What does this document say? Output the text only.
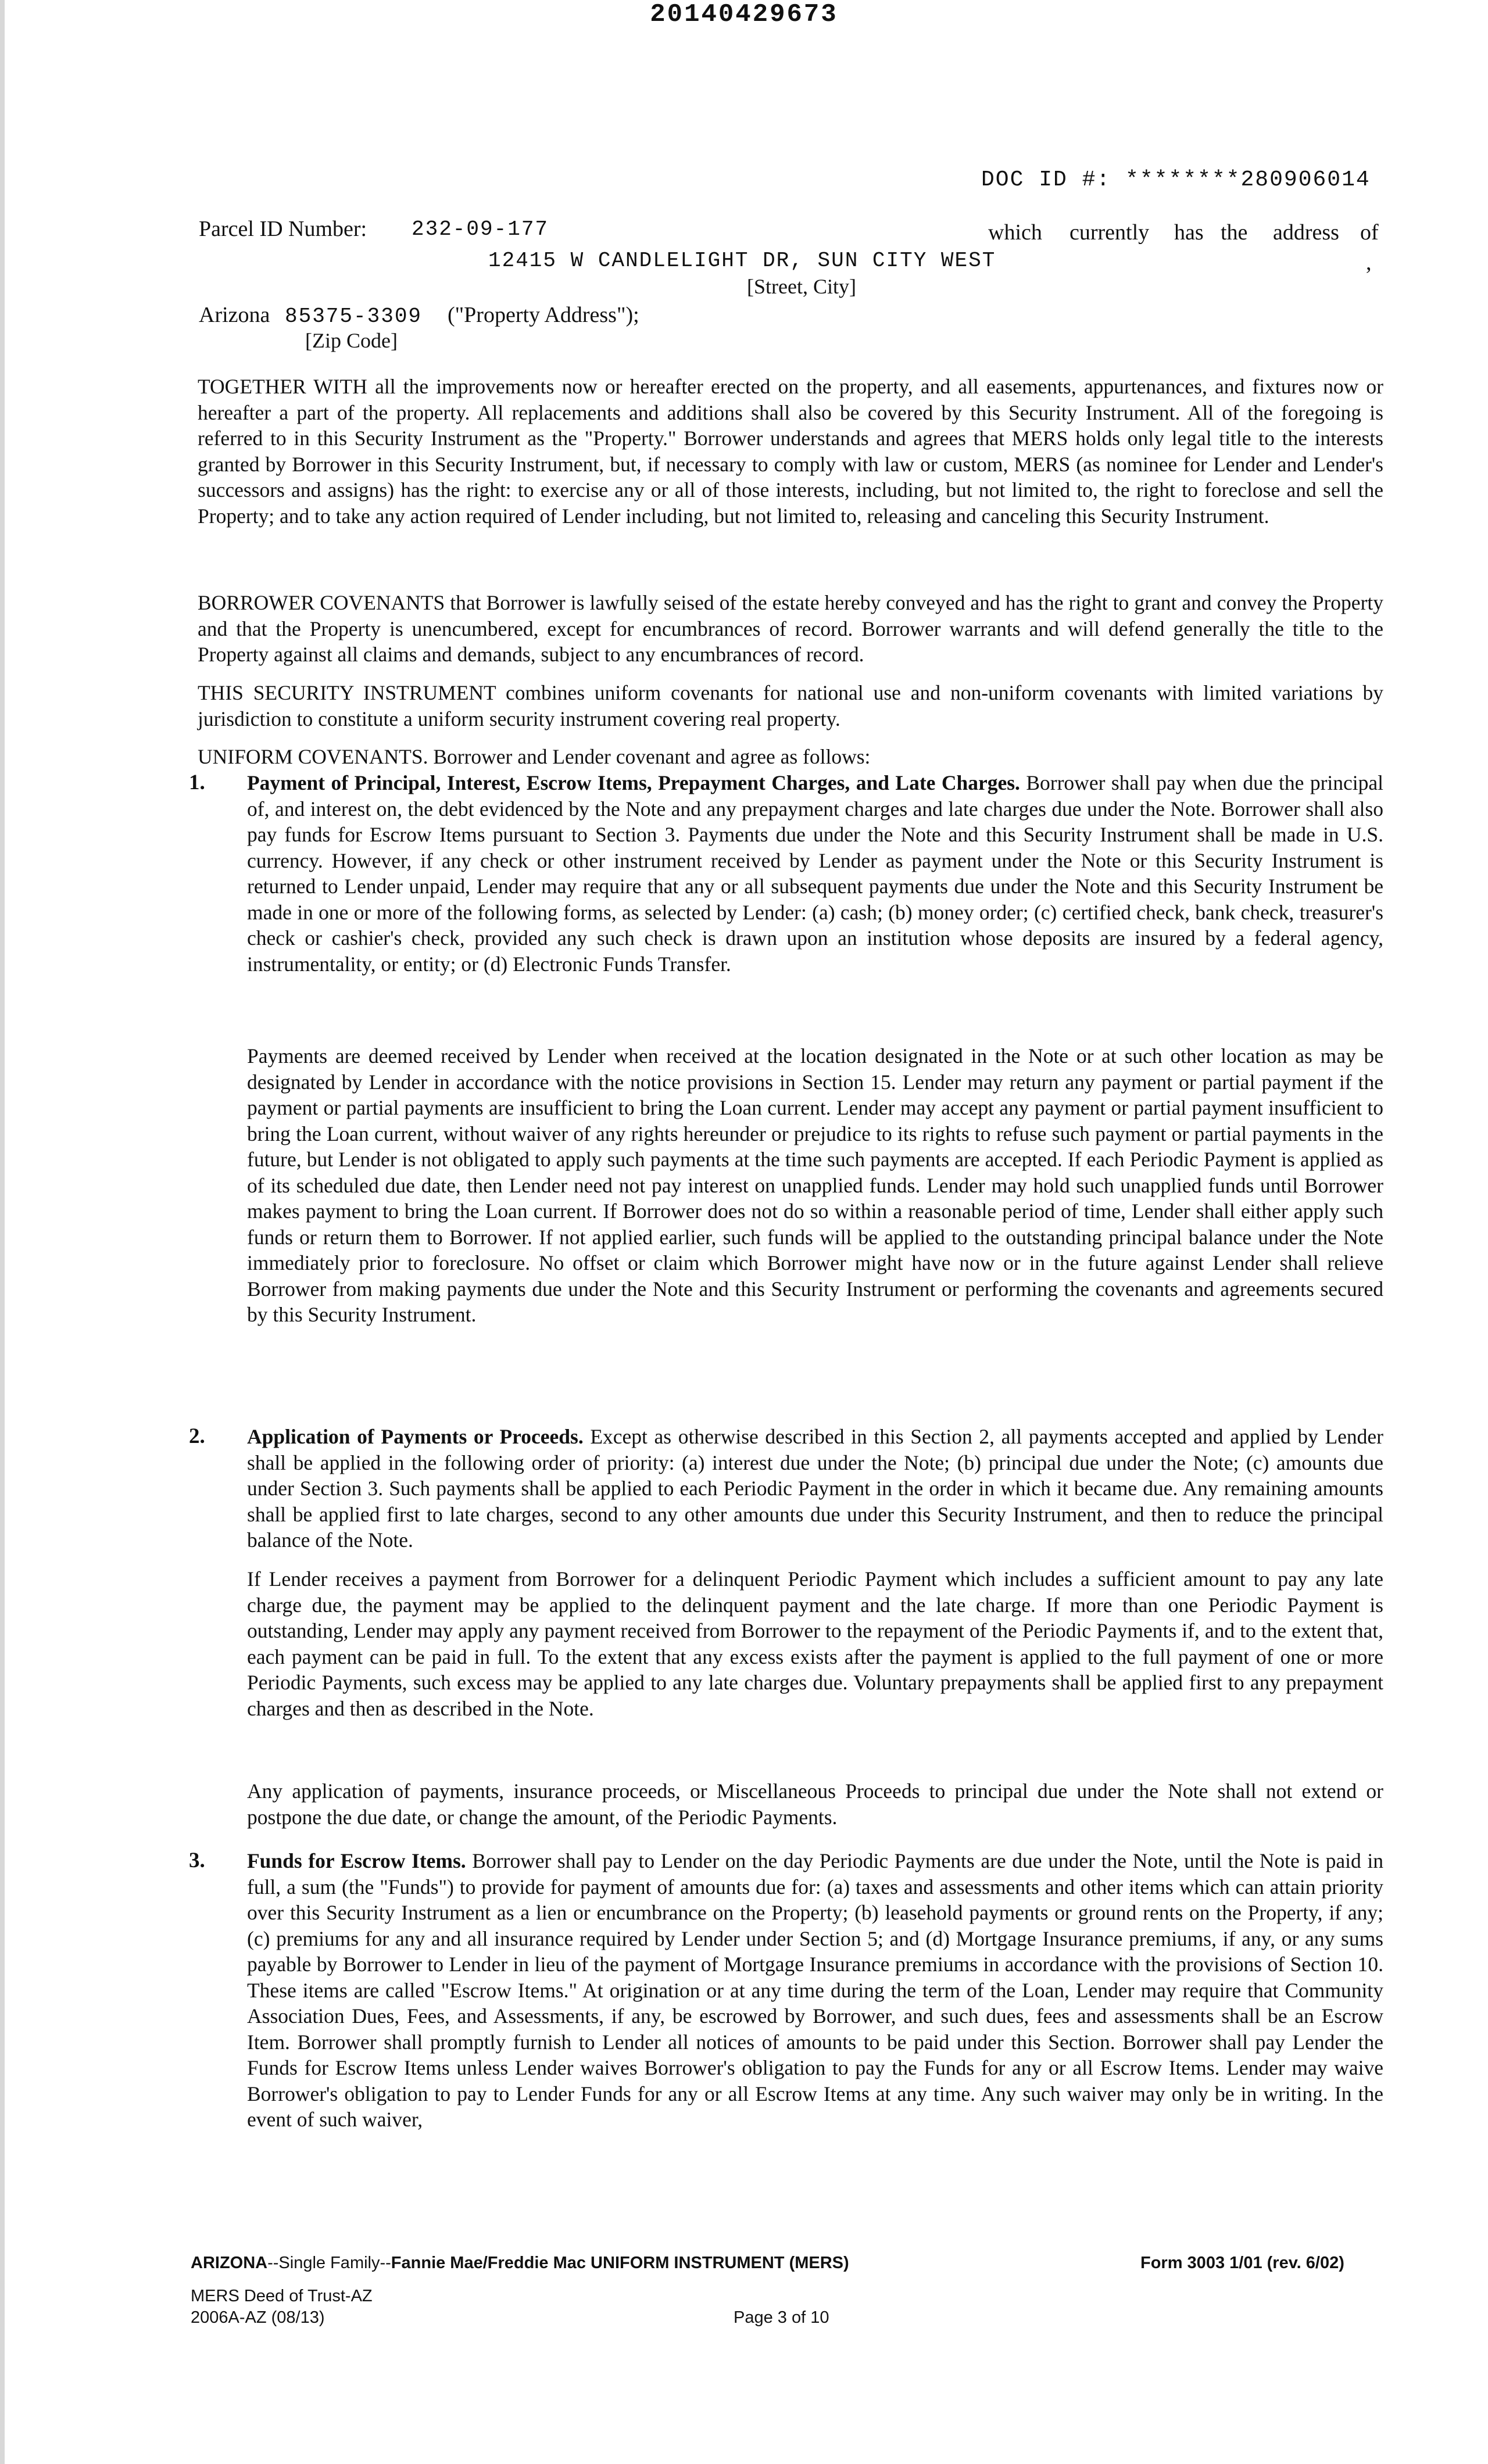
20140429673
DOC ID #: ********280906014
Parcel ID Number: 232-09-177	which currently has the address of
12415 W CANDLELIGHT DR, SUN CITY WEST	,
[Street, City]
Arizona 85375-3309 ("Property Address");
[Zip Code]
TOGETHER WITH all the improvements now or hereafter erected on the property, and all easements, appurtenances, and fixtures now or hereafter a part of the property. All replacements and additions shall also be covered by this Security Instrument. All of the foregoing is referred to in this Security Instrument as the "Property." Borrower understands and agrees that MERS holds only legal title to the interests granted by Borrower in this Security Instrument, but, if necessary to comply with law or custom, MERS (as nominee for Lender and Lender's successors and assigns) has the right: to exercise any or all of those interests, including, but not limited to, the right to foreclose and sell the Property; and to take any action required of Lender including, but not limited to, releasing and canceling this Security Instrument.
BORROWER COVENANTS that Borrower is lawfully seised of the estate hereby conveyed and has the right to grant and convey the Property and that the Property is unencumbered, except for encumbrances of record. Borrower warrants and will defend generally the title to the Property against all claims and demands, subject to any encumbrances of record.
THIS SECURITY INSTRUMENT combines uniform covenants for national use and non-uniform covenants with limited variations by jurisdiction to constitute a uniform security instrument covering real property.
UNIFORM COVENANTS. Borrower and Lender covenant and agree as follows:
1. Payment of Principal, Interest, Escrow Items, Prepayment Charges, and Late Charges. Borrower shall pay when due the principal of, and interest on, the debt evidenced by the Note and any prepayment charges and late charges due under the Note. Borrower shall also pay funds for Escrow Items pursuant to Section 3. Payments due under the Note and this Security Instrument shall be made in U.S. currency. However, if any check or other instrument received by Lender as payment under the Note or this Security Instrument is returned to Lender unpaid, Lender may require that any or all subsequent payments due under the Note and this Security Instrument be made in one or more of the following forms, as selected by Lender: (a) cash; (b) money order; (c) certified check, bank check, treasurer's check or cashier's check, provided any such check is drawn upon an institution whose deposits are insured by a federal agency, instrumentality, or entity; or (d) Electronic Funds Transfer.
Payments are deemed received by Lender when received at the location designated in the Note or at such other location as may be designated by Lender in accordance with the notice provisions in Section 15. Lender may return any payment or partial payment if the payment or partial payments are insufficient to bring the Loan current. Lender may accept any payment or partial payment insufficient to bring the Loan current, without waiver of any rights hereunder or prejudice to its rights to refuse such payment or partial payments in the future, but Lender is not obligated to apply such payments at the time such payments are accepted. If each Periodic Payment is applied as of its scheduled due date, then Lender need not pay interest on unapplied funds. Lender may hold such unapplied funds until Borrower makes payment to bring the Loan current. If Borrower does not do so within a reasonable period of time, Lender shall either apply such funds or return them to Borrower. If not applied earlier, such funds will be applied to the outstanding principal balance under the Note immediately prior to foreclosure. No offset or claim which Borrower might have now or in the future against Lender shall relieve Borrower from making payments due under the Note and this Security Instrument or performing the covenants and agreements secured by this Security Instrument.
2. Application of Payments or Proceeds. Except as otherwise described in this Section 2, all payments accepted and applied by Lender shall be applied in the following order of priority: (a) interest due under the Note; (b) principal due under the Note; (c) amounts due under Section 3. Such payments shall be applied to each Periodic Payment in the order in which it became due. Any remaining amounts shall be applied first to late charges, second to any other amounts due under this Security Instrument, and then to reduce the principal balance of the Note.
If Lender receives a payment from Borrower for a delinquent Periodic Payment which includes a sufficient amount to pay any late charge due, the payment may be applied to the delinquent payment and the late charge. If more than one Periodic Payment is outstanding, Lender may apply any payment received from Borrower to the repayment of the Periodic Payments if, and to the extent that, each payment can be paid in full. To the extent that any excess exists after the payment is applied to the full payment of one or more Periodic Payments, such excess may be applied to any late charges due. Voluntary prepayments shall be applied first to any prepayment charges and then as described in the Note.
Any application of payments, insurance proceeds, or Miscellaneous Proceeds to principal due under the Note shall not extend or postpone the due date, or change the amount, of the Periodic Payments.
3. Funds for Escrow Items. Borrower shall pay to Lender on the day Periodic Payments are due under the Note, until the Note is paid in full, a sum (the "Funds") to provide for payment of amounts due for: (a) taxes and assessments and other items which can attain priority over this Security Instrument as a lien or encumbrance on the Property; (b) leasehold payments or ground rents on the Property, if any; (c) premiums for any and all insurance required by Lender under Section 5; and (d) Mortgage Insurance premiums, if any, or any sums payable by Borrower to Lender in lieu of the payment of Mortgage Insurance premiums in accordance with the provisions of Section 10. These items are called "Escrow Items." At origination or at any time during the term of the Loan, Lender may require that Community Association Dues, Fees, and Assessments, if any, be escrowed by Borrower, and such dues, fees and assessments shall be an Escrow Item. Borrower shall promptly furnish to Lender all notices of amounts to be paid under this Section. Borrower shall pay Lender the Funds for Escrow Items unless Lender waives Borrower's obligation to pay the Funds for any or all Escrow Items. Lender may waive Borrower's obligation to pay to Lender Funds for any or all Escrow Items at any time. Any such waiver may only be in writing. In the event of such waiver,
ARIZONA--Single Family--Fannie Mae/Freddie Mac UNIFORM INSTRUMENT (MERS)	Form 3003 1/01 (rev. 6/02)
MERS Deed of Trust-AZ
2006A-AZ (08/13)	Page 3 of 10
